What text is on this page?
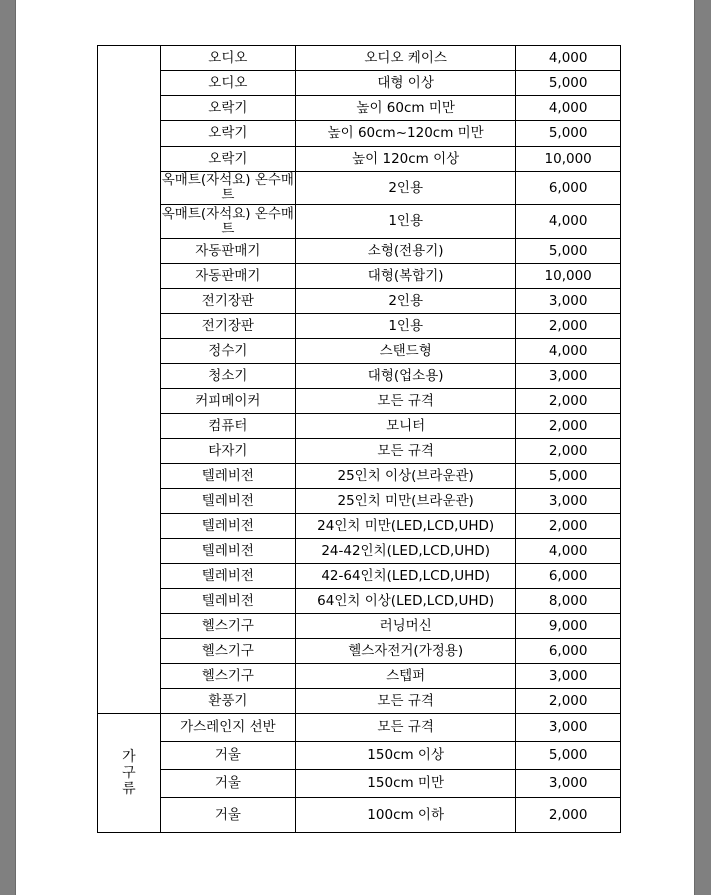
	오디오	오디오 케이스	4,000
	오디오	대형 이상	5,000
	오락기	높이 60cm 미만	4,000
	오락기	높이 60cm~120cm 미만	5,000
	오락기	높이 120cm 이상	10,000
	옥매트(자석요) 온수매트	2인용	6,000
	옥매트(자석요) 온수매트	1인용	4,000
	자동판매기	소형(전용기)	5,000
	자동판매기	대형(복합기)	10,000
	전기장판	2인용	3,000
	전기장판	1인용	2,000
	정수기	스탠드형	4,000
	청소기	대형(업소용)	3,000
	커피메이커	모든 규격	2,000
	컴퓨터	모니터	2,000
	타자기	모든 규격	2,000
	텔레비전	25인치 이상(브라운관)	5,000
	텔레비전	25인치 미만(브라운관)	3,000
	텔레비전	24인치 미만(LED,LCD,UHD)	2,000
	텔레비전	24-42인치(LED,LCD,UHD)	4,000
	텔레비전	42-64인치(LED,LCD,UHD)	6,000
	텔레비전	64인치 이상(LED,LCD,UHD)	8,000
	헬스기구	러닝머신	9,000
	헬스기구	헬스자전거(가정용)	6,000
	헬스기구	스텝퍼	3,000
	환풍기	모든 규격	2,000
가구류	가스레인지 선반	모든 규격	3,000
	거울	150cm 이상	5,000
	거울	150cm 미만	3,000
	거울	100cm 이하	2,000
